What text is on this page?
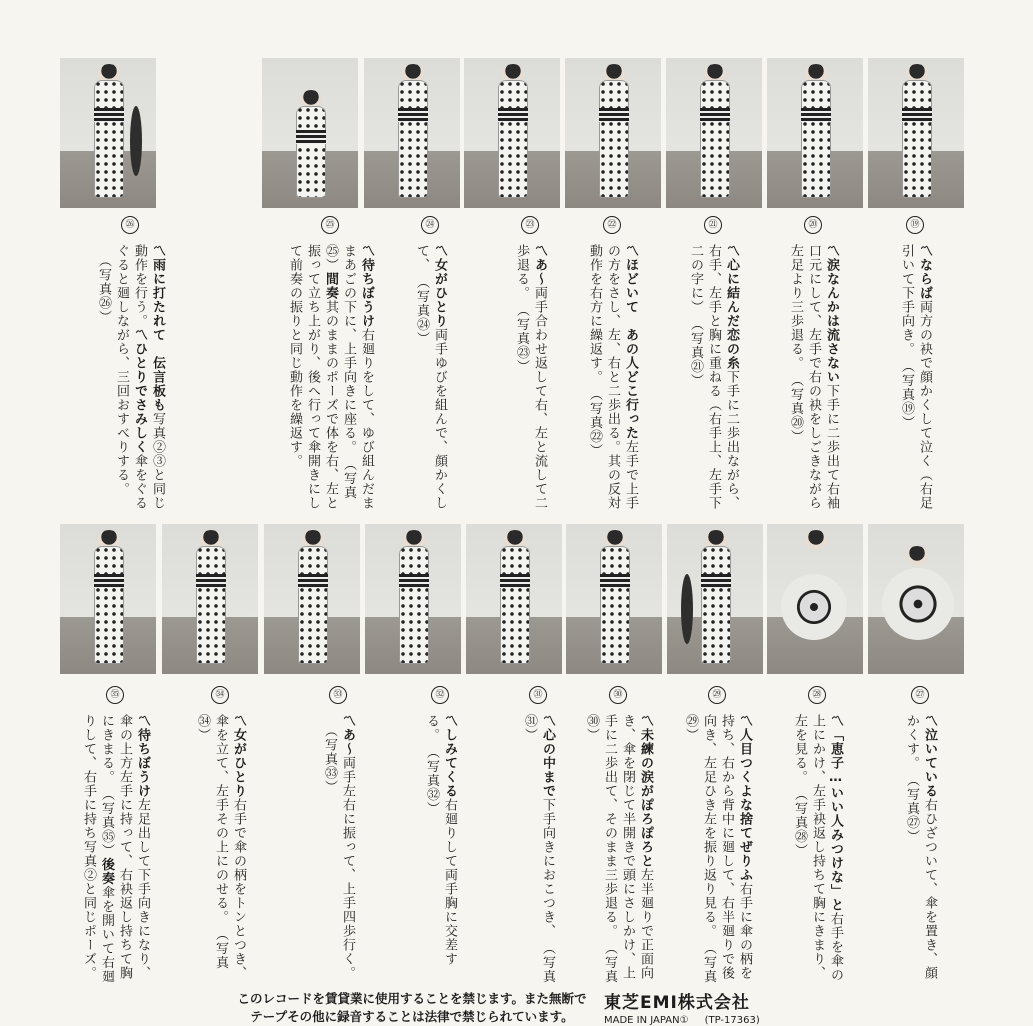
⑲
〽ならば両方の袂で顔かくして泣く（右足引いて下手向き。（写真⑲）
⑳
〽涙なんかは流さない下手に二歩出て右袖口元にして、左手で右の袂をしごきながら左足より三歩退る。（写真⑳）
㉑
〽心に結んだ恋の糸下手に二歩出ながら、右手、左手と胸に重ねる（右手上、左手下二の字に）（写真㉑）
㉒
〽ほどいて　あの人どこ行った左手で上手の方をさし、左、右と二歩出る。其の反対動作を右方に繰返す。（写真㉒）
㉓
〽あ〜両手合わせ返して右、左と流して二歩退る。（写真㉓）
㉔
〽女がひとり両手ゆびを組んで、顔かくして、（写真㉔）
㉕
〽待ちぼうけ右廻りをして、ゆび組んだままあごの下に、上手向きに座る。（写真㉕）間奏其のままのポーズで体を右、左と振って立ち上がり、後へ行って傘開きにして前奏の振りと同じ動作を繰返す。
㉖
〽雨に打たれて　伝言板も写真②③と同じ動作を行う。〽ひとりでさみしく傘をぐるぐると廻しながら、三回おすべりする。（写真㉖）
㉗
〽泣いている右ひざついて、傘を置き、顔かくす。（写真㉗）
㉘
〽「恵子…いい人みつけな」と右手を傘の上にかけ、左手袂返し持ちて胸にきまり、左を見る。（写真㉘）
㉙
〽人目つくよな捨てぜりふ右手に傘の柄を持ち、右から背中に廻して、右半廻りで後向き、左足ひき左を振り返り見る。（写真㉙）
㉚
〽未練の涙がぽろぽろと左半廻りで正面向き、傘を閉じて半開きで頭にさしかけ、上手に二歩出て、そのまま三歩退る。（写真㉚）
㉛
〽心の中まで下手向きにおこつき、（写真㉛）
㉜
〽しみてくる右廻りして両手胸に交差する。（写真㉜）
㉝
〽あ〜両手左右に振って、上手四歩行く。（写真㉝）
㉞
〽女がひとり右手で傘の柄をトンとつき、傘を立て、左手その上にのせる。（写真㉞）
㉟
〽待ちぼうけ左足出して下手向きになり、傘の上方左手に持って、右袂返し持ちて胸にきまる。（写真㉟）後奏傘を開いて右廻りして、右手に持ち写真②と同じポーズ。
このレコードを賃貸業に使用することを禁じます。また無断で
テープその他に録音することは法律で禁じられています。
東芝EMI株式会社
MADE IN JAPAN① (TP-17363)
